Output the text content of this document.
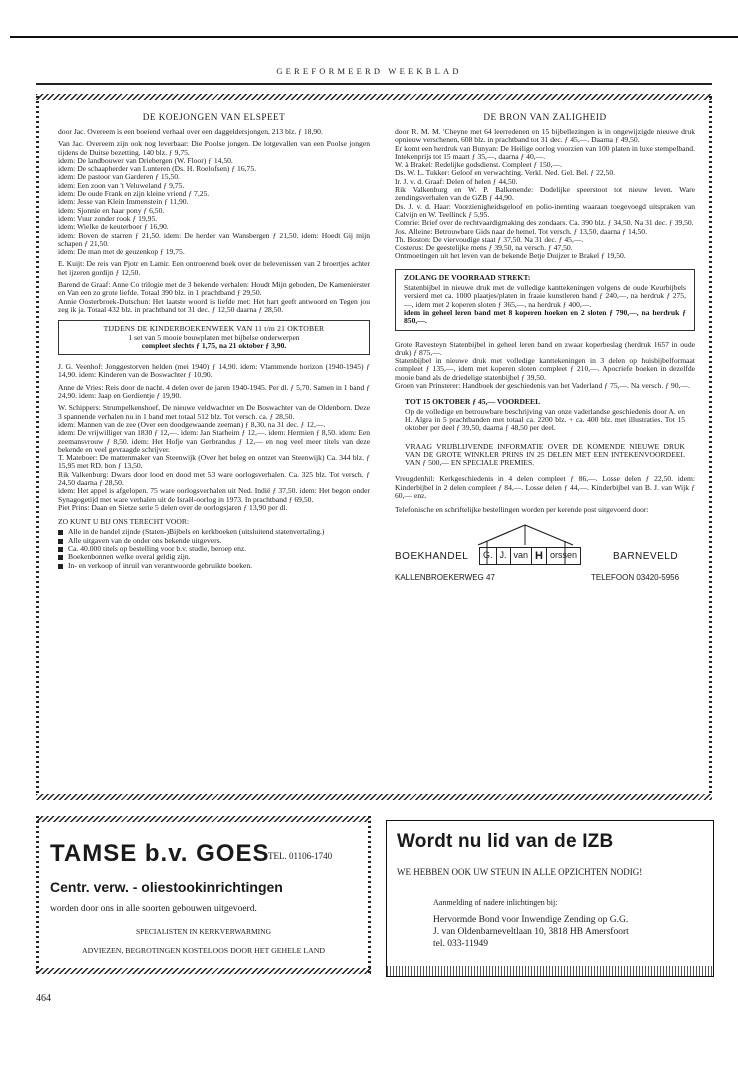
GEREFORMEERD WEEKBLAD
DE KOEJONGEN VAN ELSPEET

door Jac. Overeem is een boeiend verhaal over een daggeldersjongen, 213 blz. ƒ 18,90.

Van Jac. Overeem zijn ook nog leverbaar: Die Poolse jongen. De lotgevallen van een Poolse jongen tijdens de Duitse bezetting. 140 blz. ƒ 9,75.

idem: De landbouwer van Driebergen (W. Floor) ƒ 14,50.

idem: De schaapherder van Lunteren (Ds. H. Roelofsen) ƒ 16,75.

idem: De pastoor van Garderen ƒ 15,50.

idem: Een zoon van 't Veluweland ƒ 9,75.

idem: De oude Frank en zijn kleine vriend ƒ 7,25.

idem: Jesse van Klein Immenstein ƒ 11,90.

idem: Sjonnie en haar pony ƒ 6,50.

idem: Vuur zonder rook ƒ 19,95.

idem: Wielke de keuterboer ƒ 16,90.

idem: Boven de starren ƒ 21,50. idem: De herder van Wansbergen ƒ 21,50. idem: Hoedt Gij mijn schapen ƒ 21,50.

idem: De man met de geuzenkop ƒ 19,75.

E. Kuijt: De reis van Pjotr en Lamir. Een ontroerend boek over de belevenissen van 2 broertjes achter het ijzeren gordijn ƒ 12,50.

Barend de Graaf: Anne Co trilogie met de 3 bekende verhalen: Houdt Mijn geboden, De Kamenierster en Van een zo grote liefde. Totaal 390 blz. in 1 prachtband ƒ 29,50.

Annie Oosterbroek-Dutschun: Het laatste woord is liefde met: Het hart geeft antwoord en Tegen jou zeg ik ja. Totaal 432 blz. in prachtband tot 31 dec. ƒ 12,50 daarna ƒ 28,50.

TIJDENS DE KINDERBOEKENWEEK VAN 11 t/m 21 OKTOBER

1 set van 5 mooie bouwplaten met bijbelse onderwerpen

compleet slechts ƒ 1,75, na 21 oktober ƒ 3,90.

J. G. Veenhof: Jonggestorven helden (mei 1940) ƒ 14,90. idem: Vlammende horizon (1940-1945) ƒ 14,90. idem: Kinderen van de Boswachter ƒ 10,90.

Anne de Vries: Reis door de nacht. 4 delen over de jaren 1940-1945. Per dl. ƒ 5,70. Samen in 1 band ƒ 24,90. idem: Jaap en Gerdientje ƒ 19,90.

W. Schippers: Strumpelkenshoef, De nieuwe veldwachter en De Boswachter van de Oldenborn. Deze 3 spannende verhalen nu in 1 band met totaal 512 blz. Tot versch. ca. ƒ 28,50.

idem: Mannen van de zee (Over een doodgewaande zeeman) ƒ 8,30, na 31 dec. ƒ 12,—.

idem: De vrijwilliger van 1830 ƒ 12,—. idem: Jan Starheim ƒ 12,—. idem: Hermien ƒ 8,50. idem: Een zeemansvrouw ƒ 8,50. idem: Het Hofje van Gerbrandus ƒ 12,— en nog veel meer titels van deze bekende en veel gevraagde schrijver.

T. Mateboer: De mattenmaker van Steenwijk (Over het beleg en ontzet van Steenwijk) Ca. 344 blz. ƒ 15,95 met RD. bon ƒ 13,50.

Rik Valkenburg: Dwars door lood en dood met 53 ware oorlogsverhalen. Ca. 325 blz. Tot versch. ƒ 24,50 daarna ƒ 28,50.

idem: Het appel is afgelopen. 75 ware oorlogsverhalen uit Ned. Indië ƒ 37,50. idem: Het begon onder Synagogetijd met ware verhalen uit de Israël-oorlog in 1973. In prachtband ƒ 69,50.

Piet Prins: Daan en Sietze serie 5 delen over de oorlogsjaren ƒ 13,90 per dl.

ZO KUNT U BIJ ONS TERECHT VOOR:

Alle in de handel zijnde (Staten-)Bijbels en kerkboeken (uitsluitend statenvertaling.)
Alle uitgaven van de onder ons bekende uitgevers.
Ca. 40.000 titels op bestelling voor b.v. studie, beroep enz.
Boekenbonnen welke overal geldig zijn.
In- en verkoop of inruil van verantwoorde gebruikte boeken.
DE BRON VAN ZALIGHEID

door R. M. M. 'Cheyne met 64 leerredenen en 15 bijbellezingen is in ongewijzigde nieuwe druk opnieuw verschenen, 608 blz. in prachtband tot 31 dec. ƒ 45,—. Daarna ƒ 49,50.

Er komt een herdruk van Bunyan: De Heilige oorlog voorzien van 100 platen in luxe stempelband. Intekenprijs tot 15 maart ƒ 35,—, daarna ƒ 40,—.

W. à Brakel: Redelijke godsdienst. Compleet ƒ 150,—.

Ds. W. L. Tukker: Geloof en verwachting. Verkl. Ned. Gel. Bel. ƒ 22,50.

Ir. J. v. d. Graaf: Delen of helen ƒ 44,50.

Rik Valkenburg en W. P. Balkenende: Dodelijke speerstoot tot nieuw leven. Ware zendingsverhalen van de GZB ƒ 44,90.

Ds. J. v. d. Haar: Voorzienigheidsgeloof en polio-inenting waaraan toegevoegd uitspraken van Calvijn en W. Teellinck ƒ 5,95.

Comrie: Brief over de rechtvaardigmaking des zondaars. Ca. 390 blz. ƒ 34,50. Na 31 dec. ƒ 39,50.

Jos. Alleine: Betrouwbare Gids naar de hemel. Tot versch. ƒ 13,50, daarna ƒ 14,50.

Th. Boston: De viervoudige staat ƒ 37,50. Na 31 dec. ƒ 45,—.

Costerus: De geestelijke mens ƒ 39,50, na versch. ƒ 47,50.

Ontmoetingen uit het leven van de bekende Betje Duijzer te Brakel ƒ 19,50.

ZOLANG DE VOORRAAD STREKT:

Statenbijbel in nieuwe druk met de volledige kanttekeningen volgens de oude Keurbijbels versierd met ca. 1000 plaatjes/platen in fraaie kunstleren band ƒ 240,—, na herdruk ƒ 275,—, idem met 2 koperen sloten ƒ 365,—, na herdruk ƒ 400,—.

idem in geheel leren band met 8 koperen hoeken en 2 sloten ƒ 790,—, na herdruk ƒ 850,—.

Grote Ravesteyn Statenbijbel in geheel leren band en zwaar koperbeslag (herdruk 1657 in oude druk) ƒ 875,—.

Statenbijbel in nieuwe druk met volledige kanttekeningen in 3 delen op huisbijbelformaat compleet ƒ 135,—, idem met koperen sloten compleet ƒ 210,—. Apocriefe boeken in dezelfde mooie band als de driedelige statenbijbel ƒ 39,50.

Groen van Prinsterer: Handboek der geschiedenis van het Vaderland ƒ 75,—. Na versch. ƒ 90,—.

TOT 15 OKTOBER ƒ 45,— VOORDEEL

Op de volledige en betrouwbare beschrijving van onze vaderlandse geschiedenis door A. en H. Algra in 5 prachtbanden met totaal ca. 2200 blz. + ca. 400 blz. met illustraties. Tot 15 oktober per deel ƒ 39,50, daarna ƒ 48,50 per deel.

VRAAG VRIJBLIJVENDE INFORMATIE OVER DE KOMENDE NIEUWE DRUK VAN DE GROTE WINKLER PRINS IN 25 DELEN MET EEN INTEKENVOORDEEL VAN ƒ 500,— EN SPECIALE PREMIES.

Vreugdenhil: Kerkgeschiedenis in 4 delen compleet ƒ 86,—. Losse delen ƒ 22,50. idem: Kinderbijbel in 2 delen compleet ƒ 84,—. Losse delen ƒ 44,—. Kinderbijbel van B. J. van Wijk ƒ 60,— enz.

Telefonische en schriftelijke bestellingen worden per kerende post uitgevoerd door:

BOEKHANDEL	G. J. van H orssen	BARNEVELD
KALLENBROEKERWEG 47	TELEFOON 03420-5956
TAMSE b.v. GOES
TEL. 01106-1740
Centr. verw. - oliestookinrichtingen
worden door ons in alle soorten gebouwen uitgevoerd.
SPECIALISTEN IN KERKVERWARMING
ADVIEZEN, BEGROTINGEN KOSTELOOS DOOR HET GEHELE LAND
Wordt nu lid van de IZB
WE HEBBEN OOK UW STEUN IN ALLE OPZICHTEN NODIG!
Aanmelding of nadere inlichtingen bij:
Hervormde Bond voor Inwendige Zending op G.G.
J. van Oldenbarneveltlaan 10, 3818 HB Amersfoort
tel. 033-11949
464
